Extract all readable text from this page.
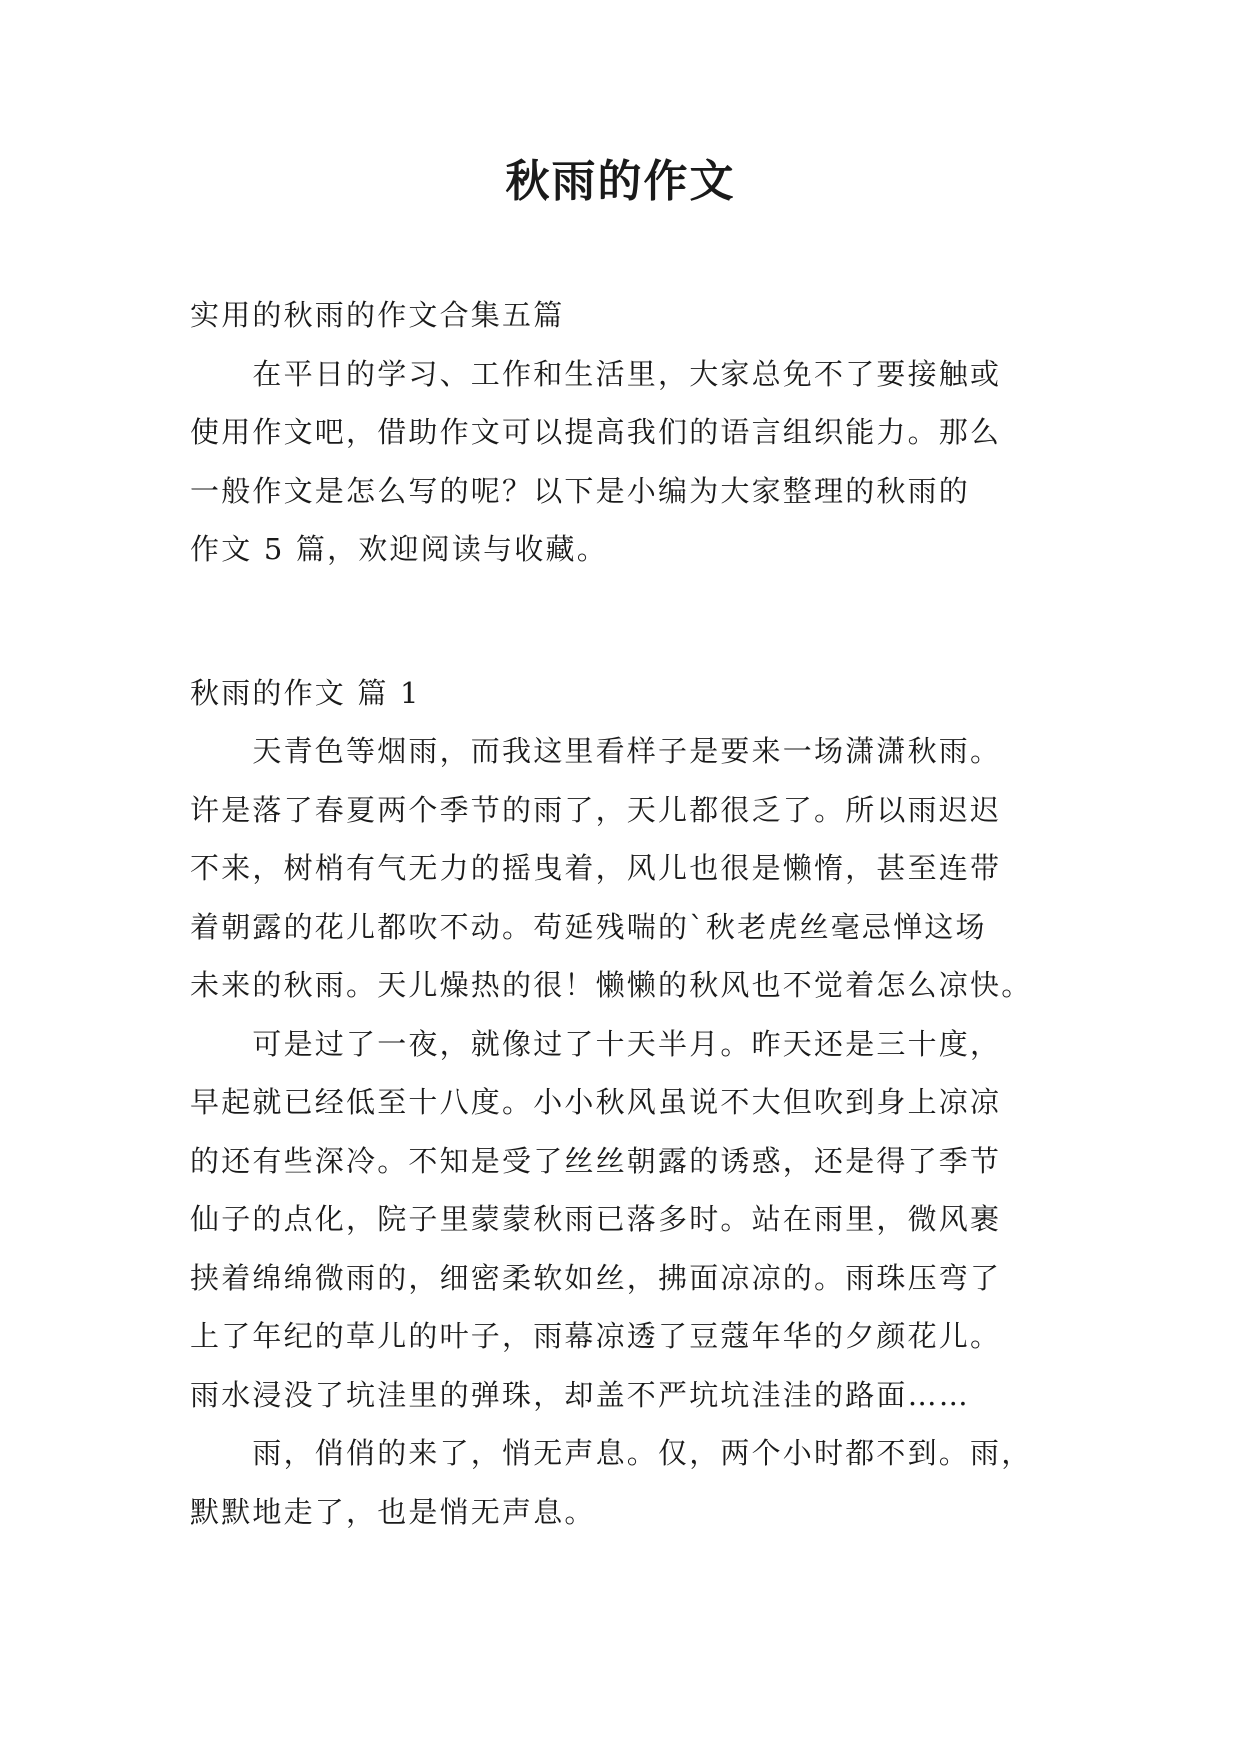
秋雨的作文

实用的秋雨的作文合集五篇

　　在平日的学习、工作和生活里，大家总免不了要接触或

使用作文吧，借助作文可以提高我们的语言组织能力。那么

一般作文是怎么写的呢？以下是小编为大家整理的秋雨的

作文 5 篇，欢迎阅读与收藏。

秋雨的作文 篇 1

　　天青色等烟雨，而我这里看样子是要来一场潇潇秋雨。

许是落了春夏两个季节的雨了，天儿都很乏了。所以雨迟迟

不来，树梢有气无力的摇曳着，风儿也很是懒惰，甚至连带

着朝露的花儿都吹不动。苟延残喘的`秋老虎丝毫忌惮这场

未来的秋雨。天儿燥热的很！懒懒的秋风也不觉着怎么凉快。

　　可是过了一夜，就像过了十天半月。昨天还是三十度，

早起就已经低至十八度。小小秋风虽说不大但吹到身上凉凉

的还有些深冷。不知是受了丝丝朝露的诱惑，还是得了季节

仙子的点化，院子里蒙蒙秋雨已落多时。站在雨里，微风裹

挟着绵绵微雨的，细密柔软如丝，拂面凉凉的。雨珠压弯了

上了年纪的草儿的叶子，雨幕凉透了豆蔻年华的夕颜花儿。

雨水浸没了坑洼里的弹珠，却盖不严坑坑洼洼的路面……

　　雨，俏俏的来了，悄无声息。仅，两个小时都不到。雨，

默默地走了，也是悄无声息。
